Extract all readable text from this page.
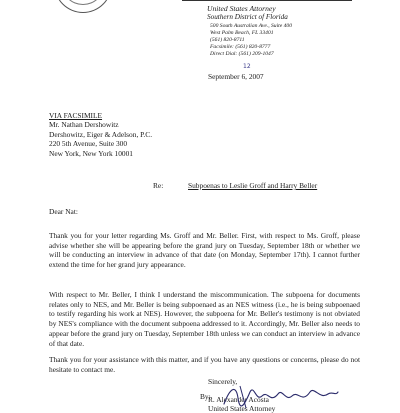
United States Attorney
Southern District of Florida
500 South Australian Ave., Suite 400
West Palm Beach, FL 33401
(561) 820-8711
Facsimile: (561) 820-8777
Direct Dial: (561) 209-1047
12
September 6, 2007
VIA FACSIMILE
Mr. Nathan Dershowitz
Dershowitz, Eiger & Adelson, P.C.
220 5th Avenue, Suite 300
New York, New York 10001
Re:	Subpoenas to Leslie Groff and Harry Beller
Dear Nat:

Thank you for your letter regarding Ms. Groff and Mr. Beller. First, with respect to Ms. Groff, please advise whether she will be appearing before the grand jury on Tuesday, September 18th or whether we will be conducting an interview in advance of that date (on Monday, September 17th). I cannot further extend the time for her grand jury appearance.

With respect to Mr. Beller, I think I understand the miscommunication. The subpoena for documents relates only to NES, and Mr. Beller is being subpoenaed as an NES witness (i.e., he is being subpoenaed to testify regarding his work at NES). However, the subpoena for Mr. Beller's testimony is not obviated by NES's compliance with the document subpoena addressed to it. Accordingly, Mr. Beller also needs to appear before the grand jury on Tuesday, September 18th unless we can conduct an interview in advance of that date.

Thank you for your assistance with this matter, and if you have any questions or concerns, please do not hesitate to contact me.

Sincerely,
R. Alexander Acosta
United States Attorney
By:
